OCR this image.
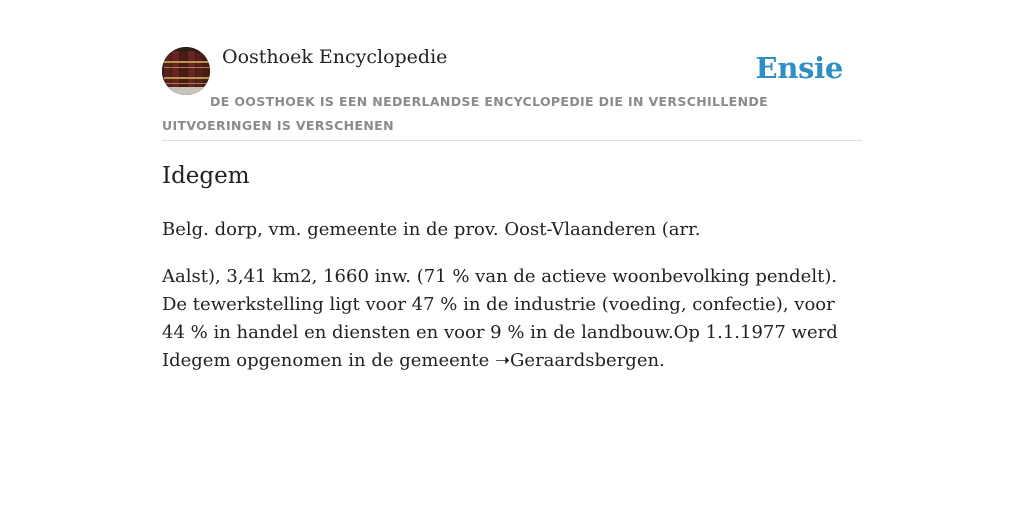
Oosthoek Encyclopedie	Ensie
DE OOSTHOEK IS EEN NEDERLANDSE ENCYCLOPEDIE DIE IN VERSCHILLENDE UITVOERINGEN IS VERSCHENEN
Idegem

Belg. dorp, vm. gemeente in de prov. Oost-Vlaanderen (arr.

Aalst), 3,41 km2, 1660 inw. (71 % van de actieve woonbevolking pendelt). De tewerkstelling ligt voor 47 % in de industrie (voeding, confectie), voor 44 % in handel en diensten en voor 9 % in de landbouw.Op 1.1.1977 werd Idegem opgenomen in de gemeente ➝Geraardsbergen.
